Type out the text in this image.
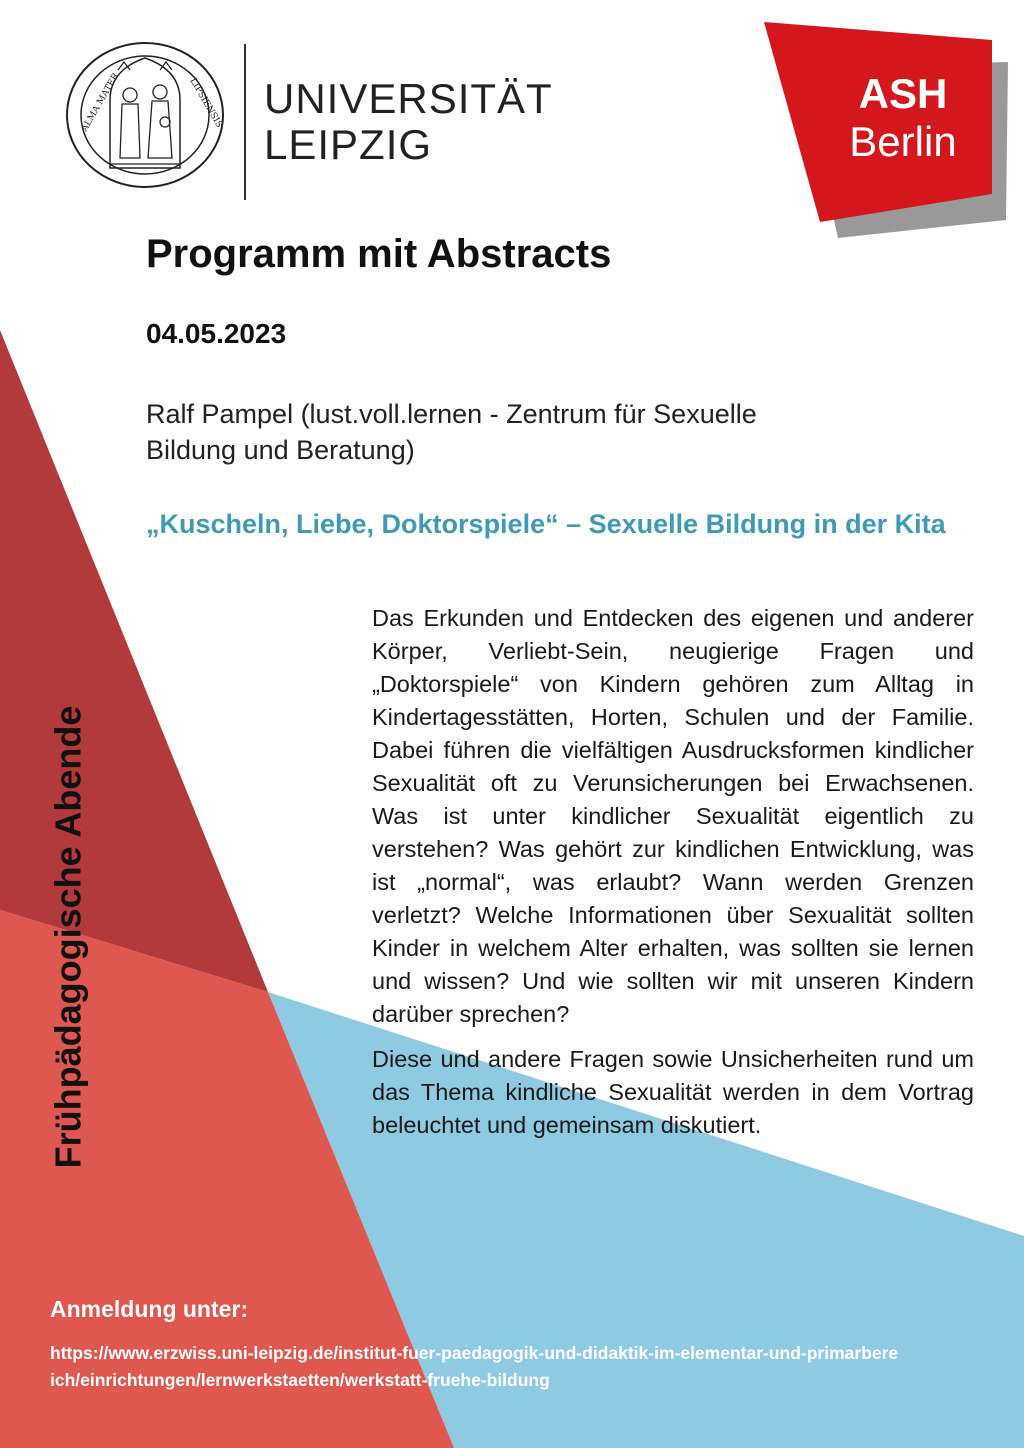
ALMA MATER	LIPSIENSIS UNIVERSITÄT
LEIPZIG
ASH
Berlin
Programm mit Abstracts
04.05.2023
Ralf Pampel (lust.voll.lernen - Zentrum für Sexuelle
Bildung und Beratung)
„Kuscheln, Liebe, Doktorspiele“ – Sexuelle Bildung in der Kita

Das Erkunden und Entdecken des eigenen und anderer Körper, Verliebt-Sein, neugierige Fragen und „Doktorspiele“ von Kindern gehören zum Alltag in Kindertagesstätten, Horten, Schulen und der Familie. Dabei führen die vielfältigen Ausdrucksformen kindlicher Sexualität oft zu Verunsicherungen bei Erwachsenen. Was ist unter kindlicher Sexualität eigentlich zu verstehen? Was gehört zur kindlichen Entwicklung, was ist „normal“, was erlaubt? Wann werden Grenzen verletzt? Welche Informationen über Sexualität sollten Kinder in welchem Alter erhalten, was sollten sie lernen und wissen? Und wie sollten wir mit unseren Kindern darüber sprechen?

Diese und andere Fragen sowie Unsicherheiten rund um das Thema kindliche Sexualität werden in dem Vortrag beleuchtet und gemeinsam diskutiert.

Frühpädagogische Abende
Anmeldung unter:
https://www.erzwiss.uni-leipzig.de/institut-fuer-paedagogik-und-didaktik-im-elementar-und-primarbereich/einrichtungen/lernwerkstaetten/werkstatt-fruehe-bildung
